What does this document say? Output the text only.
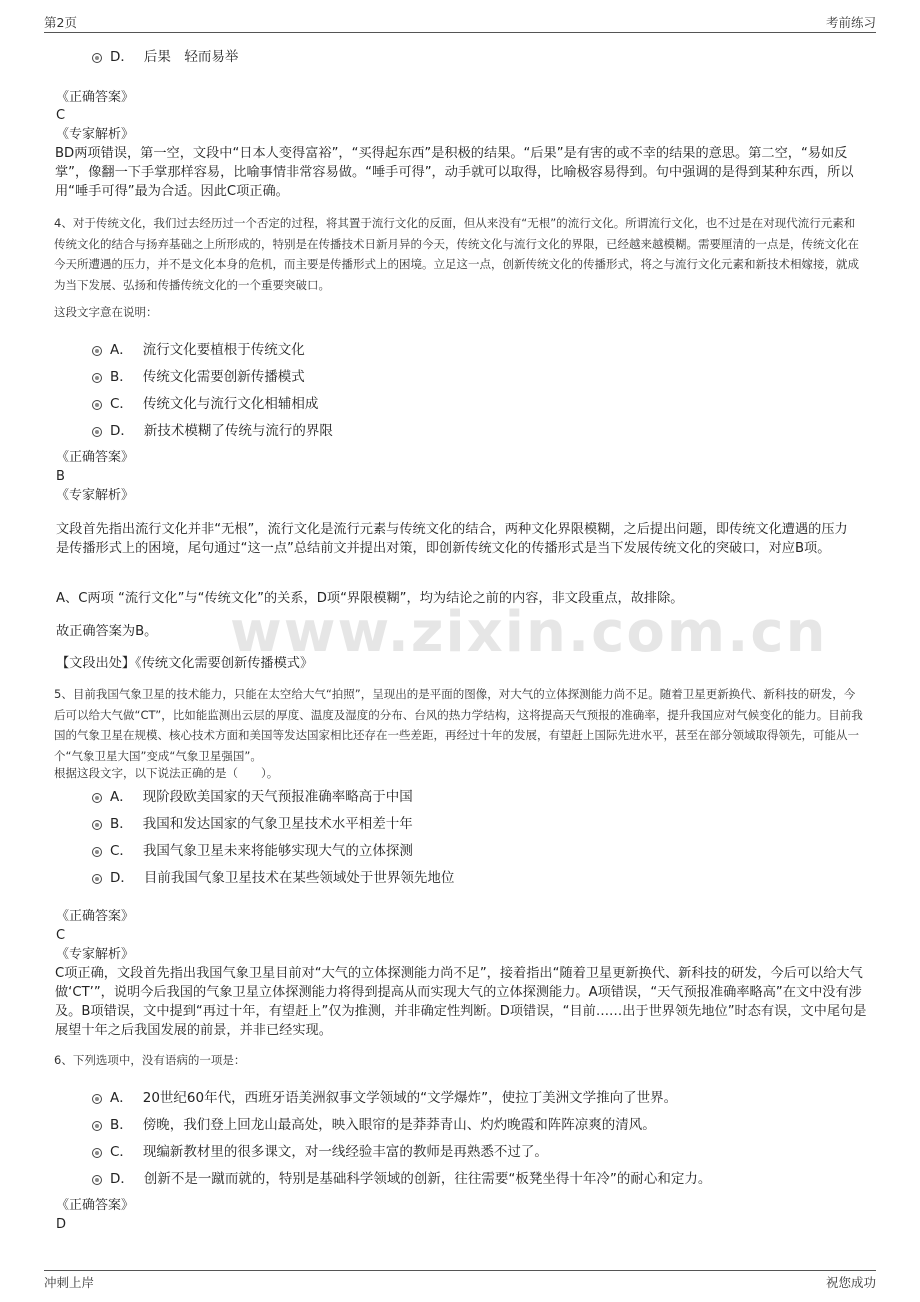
第2页	考前练习
www.zixin.com.cn
D． 后果　轻而易举
《正确答案》
C
《专家解析》
BD两项错误，第一空，文段中“日本人变得富裕”，“买得起东西”是积极的结果。“后果”是有害的或不幸的结果的意思。第二空，“易如反掌”，像翻一下手掌那样容易，比喻事情非常容易做。“唾手可得”，动手就可以取得，比喻极容易得到。句中强调的是得到某种东西，所以用“唾手可得”最为合适。因此C项正确。
4、对于传统文化，我们过去经历过一个否定的过程，将其置于流行文化的反面，但从来没有“无根”的流行文化。所谓流行文化，也不过是在对现代流行元素和传统文化的结合与扬弃基础之上所形成的，特别是在传播技术日新月异的今天，传统文化与流行文化的界限，已经越来越模糊。需要厘清的一点是，传统文化在今天所遭遇的压力，并不是文化本身的危机，而主要是传播形式上的困境。立足这一点，创新传统文化的传播形式，将之与流行文化元素和新技术相嫁接，就成为当下发展、弘扬和传播传统文化的一个重要突破口。
这段文字意在说明：
A． 流行文化要植根于传统文化
B． 传统文化需要创新传播模式
C． 传统文化与流行文化相辅相成
D． 新技术模糊了传统与流行的界限
《正确答案》
B
《专家解析》
文段首先指出流行文化并非“无根”，流行文化是流行元素与传统文化的结合，两种文化界限模糊，之后提出问题，即传统文化遭遇的压力是传播形式上的困境，尾句通过“这一点”总结前文并提出对策，即创新传统文化的传播形式是当下发展传统文化的突破口，对应B项。
A、C两项 “流行文化”与“传统文化”的关系，D项“界限模糊”，均为结论之前的内容，非文段重点，故排除。
故正确答案为B。
【文段出处】《传统文化需要创新传播模式》
5、目前我国气象卫星的技术能力，只能在太空给大气“拍照”，呈现出的是平面的图像，对大气的立体探测能力尚不足。随着卫星更新换代、新科技的研发，今后可以给大气做“CT”，比如能监测出云层的厚度、温度及湿度的分布、台风的热力学结构，这将提高天气预报的准确率，提升我国应对气候变化的能力。目前我国的气象卫星在规模、核心技术方面和美国等发达国家相比还存在一些差距，再经过十年的发展，有望赶上国际先进水平，甚至在部分领域取得领先，可能从一个“气象卫星大国”变成“气象卫星强国”。
根据这段文字，以下说法正确的是（　　）。
A． 现阶段欧美国家的天气预报准确率略高于中国
B． 我国和发达国家的气象卫星技术水平相差十年
C． 我国气象卫星未来将能够实现大气的立体探测
D． 目前我国气象卫星技术在某些领域处于世界领先地位
《正确答案》
C
《专家解析》
C项正确，文段首先指出我国气象卫星目前对“大气的立体探测能力尚不足”，接着指出“随着卫星更新换代、新科技的研发，今后可以给大气做‘CT’”，说明今后我国的气象卫星立体探测能力将得到提高从而实现大气的立体探测能力。A项错误，“天气预报准确率略高”在文中没有涉及。B项错误，文中提到“再过十年，有望赶上”仅为推测，并非确定性判断。D项错误，“目前……出于世界领先地位”时态有误，文中尾句是展望十年之后我国发展的前景，并非已经实现。
6、下列选项中，没有语病的一项是：
A． 20世纪60年代，西班牙语美洲叙事文学领域的“文学爆炸”，使拉丁美洲文学推向了世界。
B． 傍晚，我们登上回龙山最高处，映入眼帘的是莽莽青山、灼灼晚霞和阵阵凉爽的清风。
C． 现编新教材里的很多课文，对一线经验丰富的教师是再熟悉不过了。
D． 创新不是一蹴而就的，特别是基础科学领域的创新，往往需要“板凳坐得十年冷”的耐心和定力。
《正确答案》
D
冲刺上岸	祝您成功
